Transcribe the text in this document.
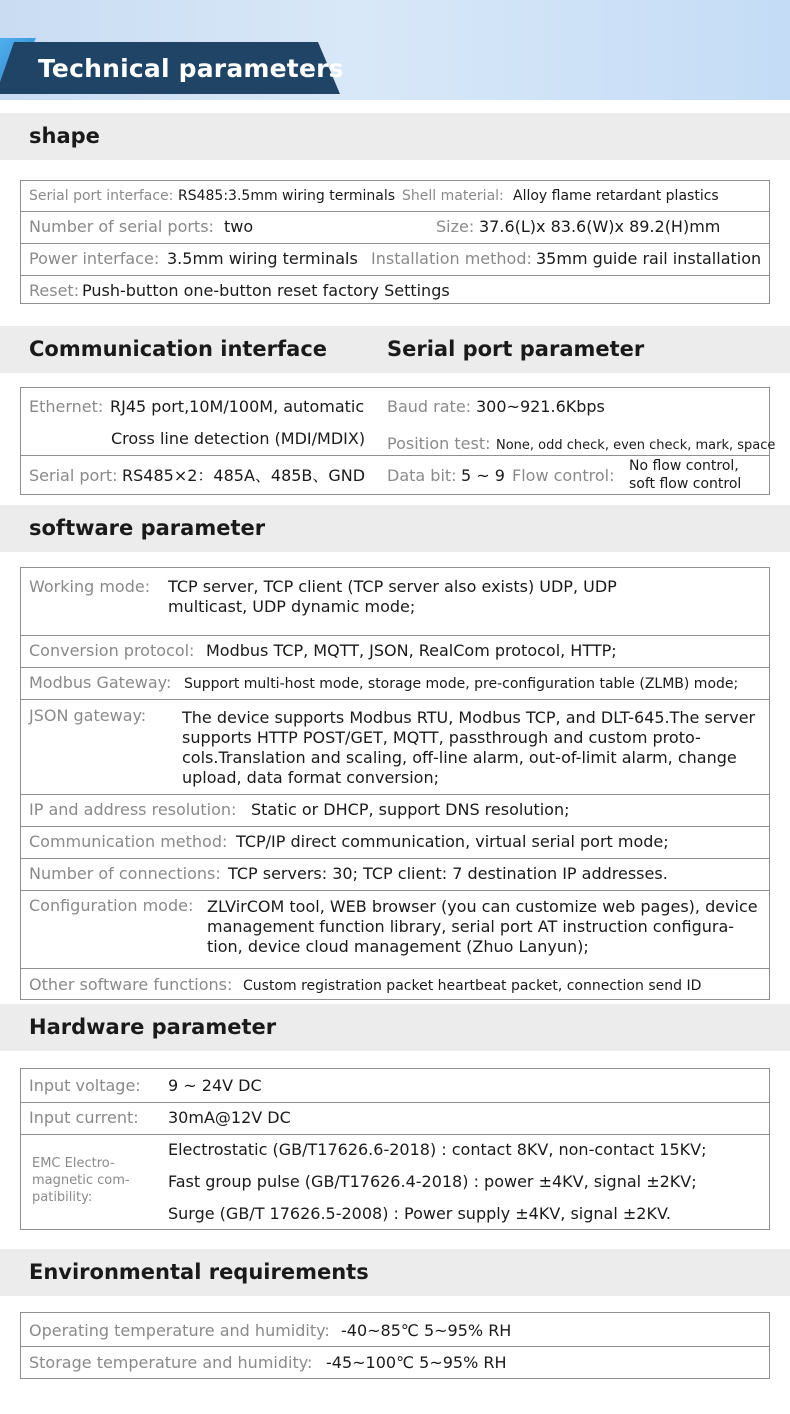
Technical parameters
shape
Serial port interface: RS485:3.5mm wiring terminals Shell material: Alloy flame retardant plastics
Number of serial ports: two	Size: 37.6(L)x 83.6(W)x 89.2(H)mm
Power interface: 3.5mm wiring terminals Installation method: 35mm guide rail installation
Reset: Push-button one-button reset factory Settings
Communication interface	Serial port parameter
Ethernet: RJ45 port,10M/100M, automatic
Cross line detection (MDI/MDIX)
Baud rate: 300~921.6Kbps
Position test: None, odd check, even check, mark, space
Serial port: RS485×2：485A、485B、GND Data bit: 5 ~ 9 Flow control: No flow control,
soft flow control
software parameter
Working mode: TCP server, TCP client (TCP server also exists) UDP, UDP multicast, UDP dynamic mode;
Conversion protocol: Modbus TCP, MQTT, JSON, RealCom protocol, HTTP;
Modbus Gateway: Support multi-host mode, storage mode, pre-configuration table (ZLMB) mode;
JSON gateway: The device supports Modbus RTU, Modbus TCP, and DLT-645.The server supports HTTP POST/GET, MQTT, passthrough and custom proto-cols.Translation and scaling, off-line alarm, out-of-limit alarm, change upload, data format conversion;
IP and address resolution: Static or DHCP, support DNS resolution;
Communication method: TCP/IP direct communication, virtual serial port mode;
Number of connections: TCP servers: 30; TCP client: 7 destination IP addresses.
Configuration mode: ZLVirCOM tool, WEB browser (you can customize web pages), device management function library, serial port AT instruction configura-tion, device cloud management (Zhuo Lanyun);
Other software functions: Custom registration packet heartbeat packet, connection send ID
Hardware parameter
Input voltage: 9 ~ 24V DC
Input current: 30mA@12V DC
EMC Electro-magnetic com-patibility:
Electrostatic (GB/T17626.6-2018) : contact 8KV, non-contact 15KV;
Fast group pulse (GB/T17626.4-2018) : power ±4KV, signal ±2KV;
Surge (GB/T 17626.5-2008) : Power supply ±4KV, signal ±2KV.
Environmental requirements
Operating temperature and humidity: -40~85℃ 5~95% RH
Storage temperature and humidity: -45~100℃ 5~95% RH
